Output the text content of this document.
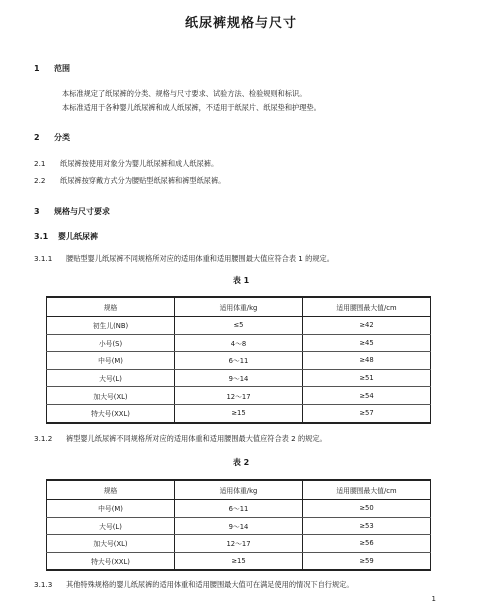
纸尿裤规格与尺寸
1 范围
本标准规定了纸尿裤的分类、规格与尺寸要求、试验方法、检验规则和标识。
本标准适用于各种婴儿纸尿裤和成人纸尿裤，不适用于纸尿片、纸尿垫和护理垫。
2 分类
2.1 纸尿裤按使用对象分为婴儿纸尿裤和成人纸尿裤。
2.2 纸尿裤按穿戴方式分为腰贴型纸尿裤和裤型纸尿裤。
3 规格与尺寸要求
3.1 婴儿纸尿裤
3.1.1 腰贴型婴儿纸尿裤不同规格所对应的适用体重和适用腰围最大值应符合表 1 的规定。
表 1
规格	适用体重/kg	适用腰围最大值/cm
初生儿(NB)	≤5	≥42
小号(S)	4～8	≥45
中号(M)	6～11	≥48
大号(L)	9～14	≥51
加大号(XL)	12～17	≥54
特大号(XXL)	≥15	≥57
3.1.2 裤型婴儿纸尿裤不同规格所对应的适用体重和适用腰围最大值应符合表 2 的规定。
表 2
规格	适用体重/kg	适用腰围最大值/cm
中号(M)	6～11	≥50
大号(L)	9～14	≥53
加大号(XL)	12～17	≥56
特大号(XXL)	≥15	≥59
3.1.3 其他特殊规格的婴儿纸尿裤的适用体重和适用腰围最大值可在满足使用的情况下自行规定。
1
